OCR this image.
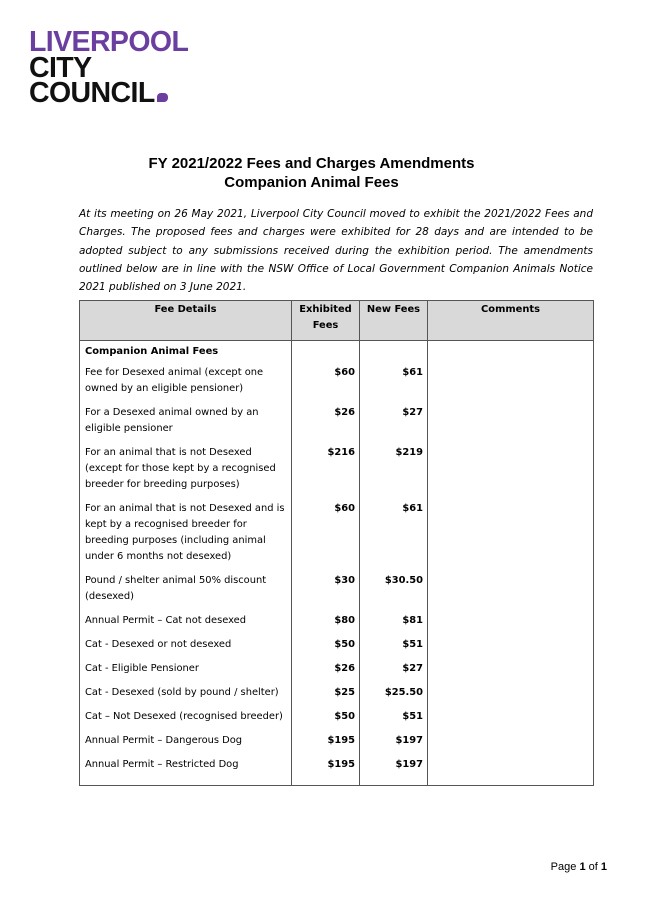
LIVERPOOL
CITY
COUNCIL
FY 2021/2022 Fees and Charges Amendments
Companion Animal Fees
At its meeting on 26 May 2021, Liverpool City Council moved to exhibit the 2021/2022 Fees and Charges. The proposed fees and charges were exhibited for 28 days and are intended to be adopted subject to any submissions received during the exhibition period. The amendments outlined below are in line with the NSW Office of Local Government Companion Animals Notice 2021 published on 3 June 2021.
Fee Details	Exhibited Fees	New Fees	Comments
Companion Animal Fees			
Fee for Desexed animal (except one owned by an eligible pensioner)	$60	$61	
For a Desexed animal owned by an eligible pensioner	$26	$27	
For an animal that is not Desexed (except for those kept by a recognised breeder for breeding purposes)	$216	$219	
For an animal that is not Desexed and is kept by a recognised breeder for breeding purposes (including animal under 6 months not desexed)	$60	$61	
Pound / shelter animal 50% discount (desexed)	$30	$30.50	
Annual Permit – Cat not desexed	$80	$81	
Cat - Desexed or not desexed	$50	$51	
Cat - Eligible Pensioner	$26	$27	
Cat - Desexed (sold by pound / shelter)	$25	$25.50	
Cat – Not Desexed (recognised breeder)	$50	$51	
Annual Permit – Dangerous Dog	$195	$197	
Annual Permit – Restricted Dog	$195	$197	
Page 1 of 1
